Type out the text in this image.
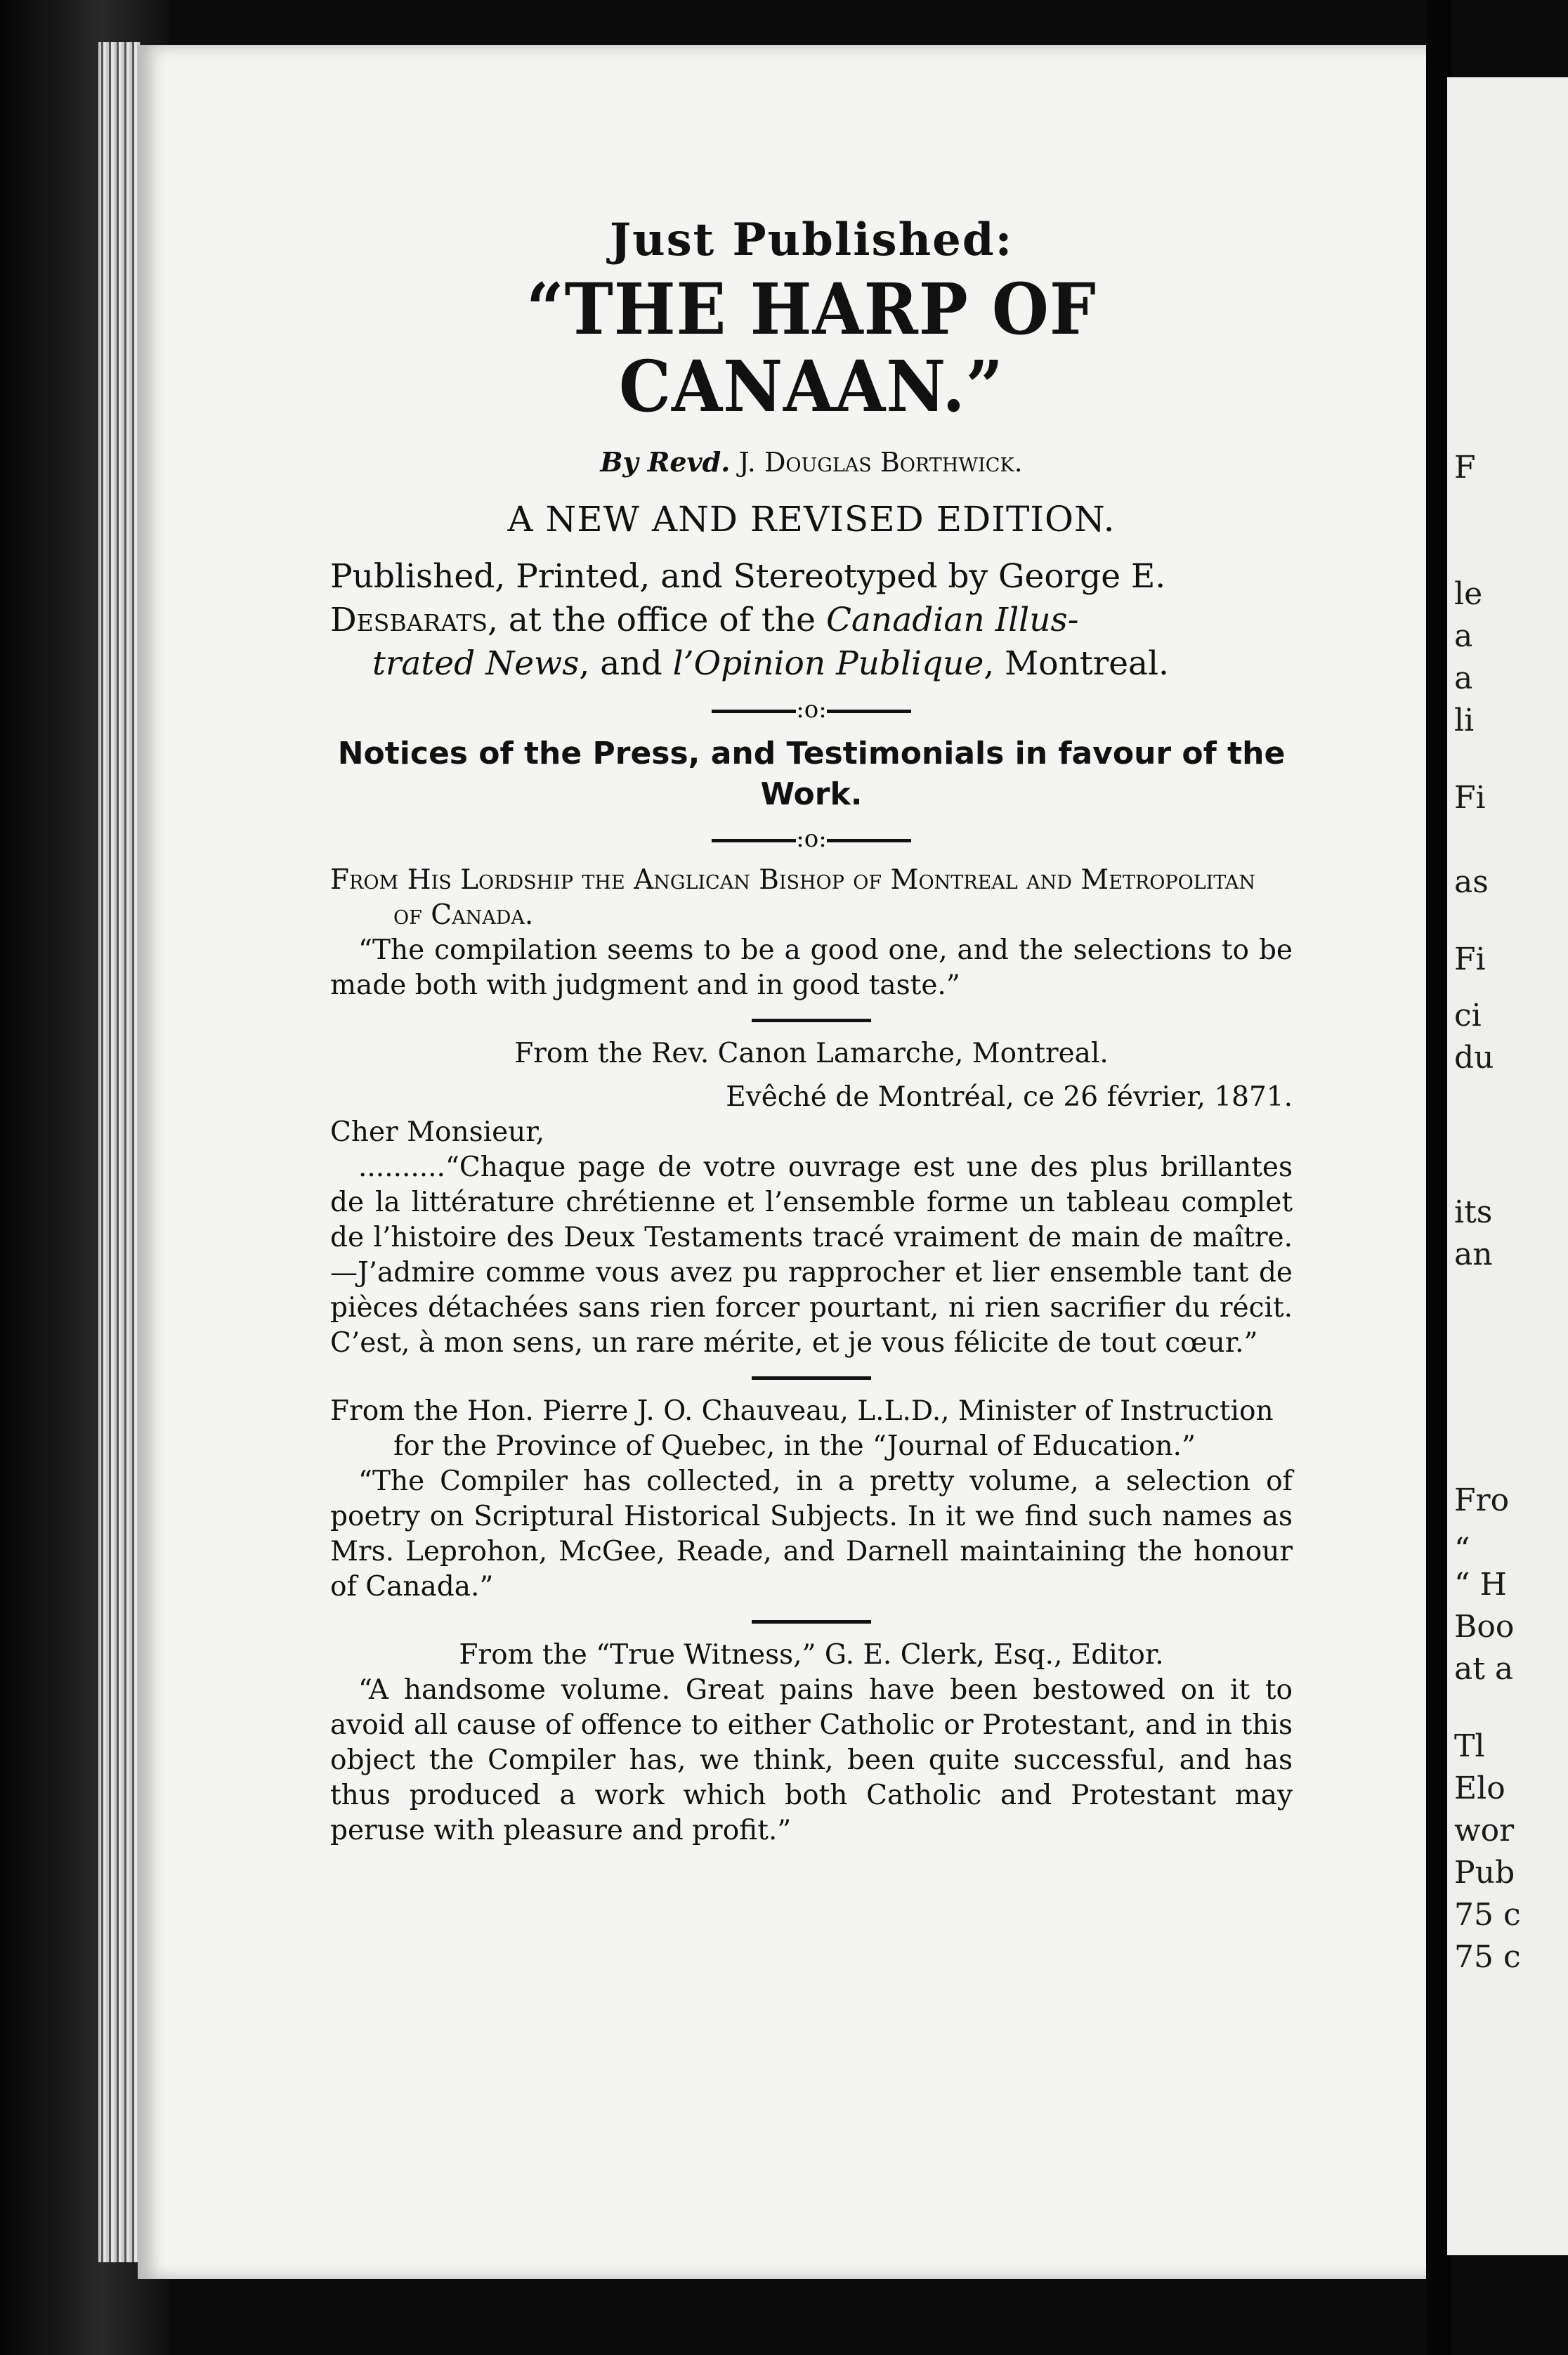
F
le
a
a
li
Fi
as
Fi
ci
du
its
an
Fro
“
“ H
Boo
at a
Tl
Elo
wor
Pub
75 c
75 c
Just Published:
“THE HARP OF CANAAN.”
By Revd. J. Douglas Borthwick.
A NEW AND REVISED EDITION.
Published, Printed, and Stereotyped by George E.
Desbarats, at the office of the Canadian Illus-
trated News, and l’Opinion Publique, Montreal.
:o:
Notices of the Press, and Testimonials in favour of the Work.
:o:
From His Lordship the Anglican Bishop of Montreal and Metropolitan of Canada.
“The compilation seems to be a good one, and the selections to be made both with judgment and in good taste.”
From the Rev. Canon Lamarche, Montreal.
Evêché de Montréal, ce 26 février, 1871.
Cher Monsieur,
..........“Chaque page de votre ouvrage est une des plus brillantes de la littérature chrétienne et l’ensemble forme un tableau complet de l’histoire des Deux Testaments tracé vraiment de main de maître.—J’admire comme vous avez pu rapprocher et lier ensemble tant de pièces détachées sans rien forcer pourtant, ni rien sacrifier du récit. C’est, à mon sens, un rare mérite, et je vous félicite de tout cœur.”
From the Hon. Pierre J. O. Chauveau, L.L.D., Minister of Instruction for the Province of Quebec, in the “Journal of Education.”
“The Compiler has collected, in a pretty volume, a selection of poetry on Scriptural Historical Subjects. In it we find such names as Mrs. Leprohon, McGee, Reade, and Darnell maintaining the honour of Canada.”
From the “True Witness,” G. E. Clerk, Esq., Editor.
“A handsome volume. Great pains have been bestowed on it to avoid all cause of offence to either Catholic or Protestant, and in this object the Compiler has, we think, been quite successful, and has thus produced a work which both Catholic and Protestant may peruse with pleasure and profit.”
